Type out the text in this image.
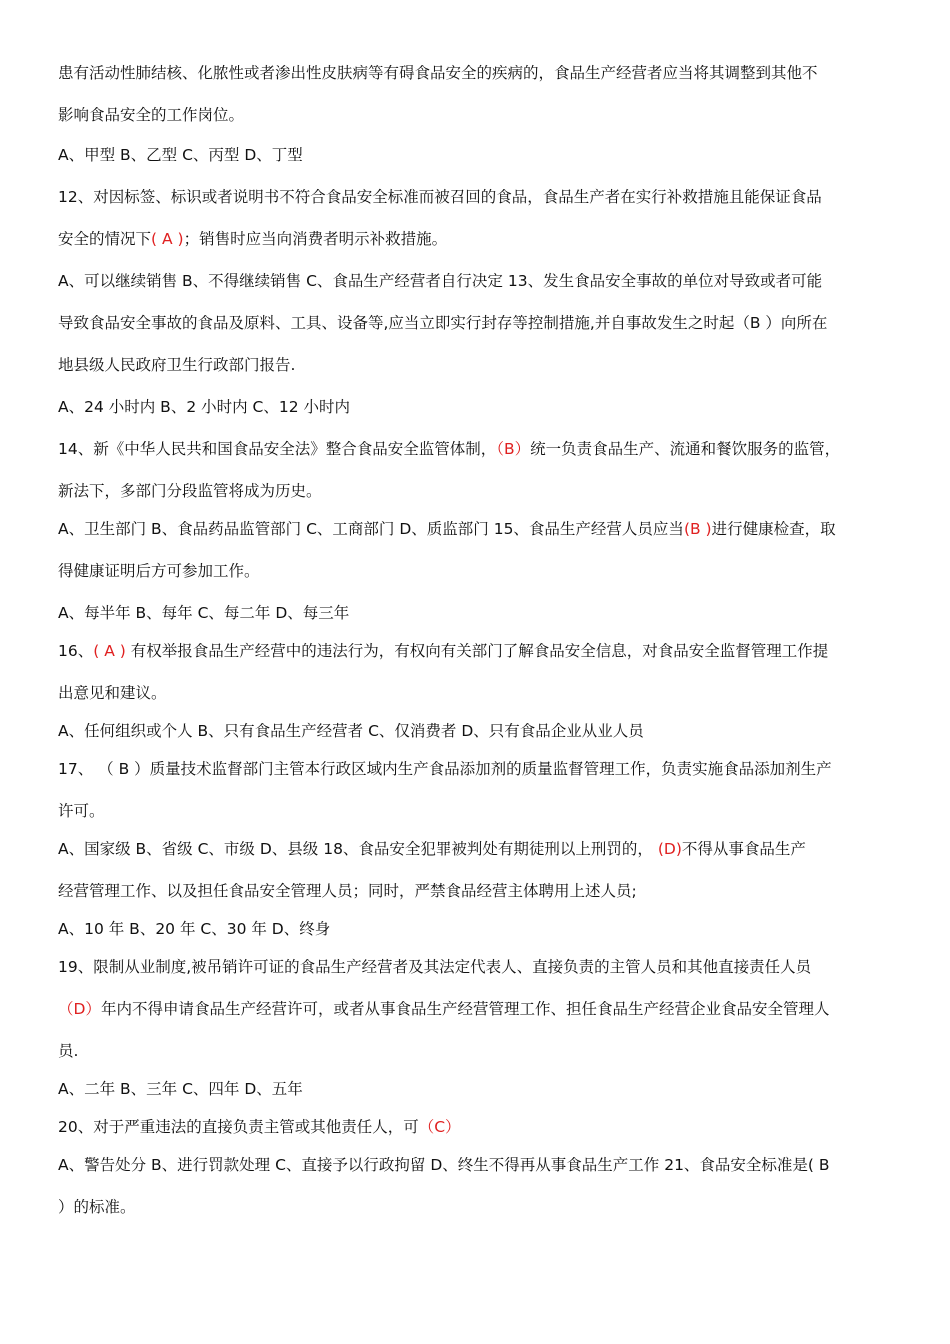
患有活动性肺结核、化脓性或者渗出性皮肤病等有碍食品安全的疾病的，食品生产经营者应当将其调整到其他不
影响食品安全的工作岗位。
A、甲型 B、乙型 C、丙型 D、丁型
12、对因标签、标识或者说明书不符合食品安全标准而被召回的食品，食品生产者在实行补救措施且能保证食品
安全的情况下( A )；销售时应当向消费者明示补救措施。
A、可以继续销售 B、不得继续销售 C、食品生产经营者自行决定 13、发生食品安全事故的单位对导致或者可能
导致食品安全事故的食品及原料、工具、设备等,应当立即实行封存等控制措施,并自事故发生之时起（B ）向所在
地县级人民政府卫生行政部门报告.
A、24 小时内 B、2 小时内 C、12 小时内
14、新《中华人民共和国食品安全法》整合食品安全监管体制，（B）统一负责食品生产、流通和餐饮服务的监管，
新法下，多部门分段监管将成为历史。
A、卫生部门 B、食品药品监管部门 C、工商部门 D、质监部门 15、食品生产经营人员应当(B )进行健康检查，取
得健康证明后方可参加工作。
A、每半年 B、每年 C、每二年 D、每三年
16、( A ) 有权举报食品生产经营中的违法行为，有权向有关部门了解食品安全信息，对食品安全监督管理工作提
出意见和建议。
A、任何组织或个人 B、只有食品生产经营者 C、仅消费者 D、只有食品企业从业人员
17、 （ B ）质量技术监督部门主管本行政区域内生产食品添加剂的质量监督管理工作，负责实施食品添加剂生产
许可。
A、国家级 B、省级 C、市级 D、县级 18、食品安全犯罪被判处有期徒刑以上刑罚的， (D)不得从事食品生产
经营管理工作、以及担任食品安全管理人员；同时，严禁食品经营主体聘用上述人员;
A、10 年 B、20 年 C、30 年 D、终身
19、限制从业制度,被吊销许可证的食品生产经营者及其法定代表人、直接负责的主管人员和其他直接责任人员
（D）年内不得申请食品生产经营许可，或者从事食品生产经营管理工作、担任食品生产经营企业食品安全管理人
员.
A、二年 B、三年 C、四年 D、五年
20、对于严重违法的直接负责主管或其他责任人，可（C）
A、警告处分 B、进行罚款处理 C、直接予以行政拘留 D、终生不得再从事食品生产工作 21、食品安全标准是( B
）的标准。
